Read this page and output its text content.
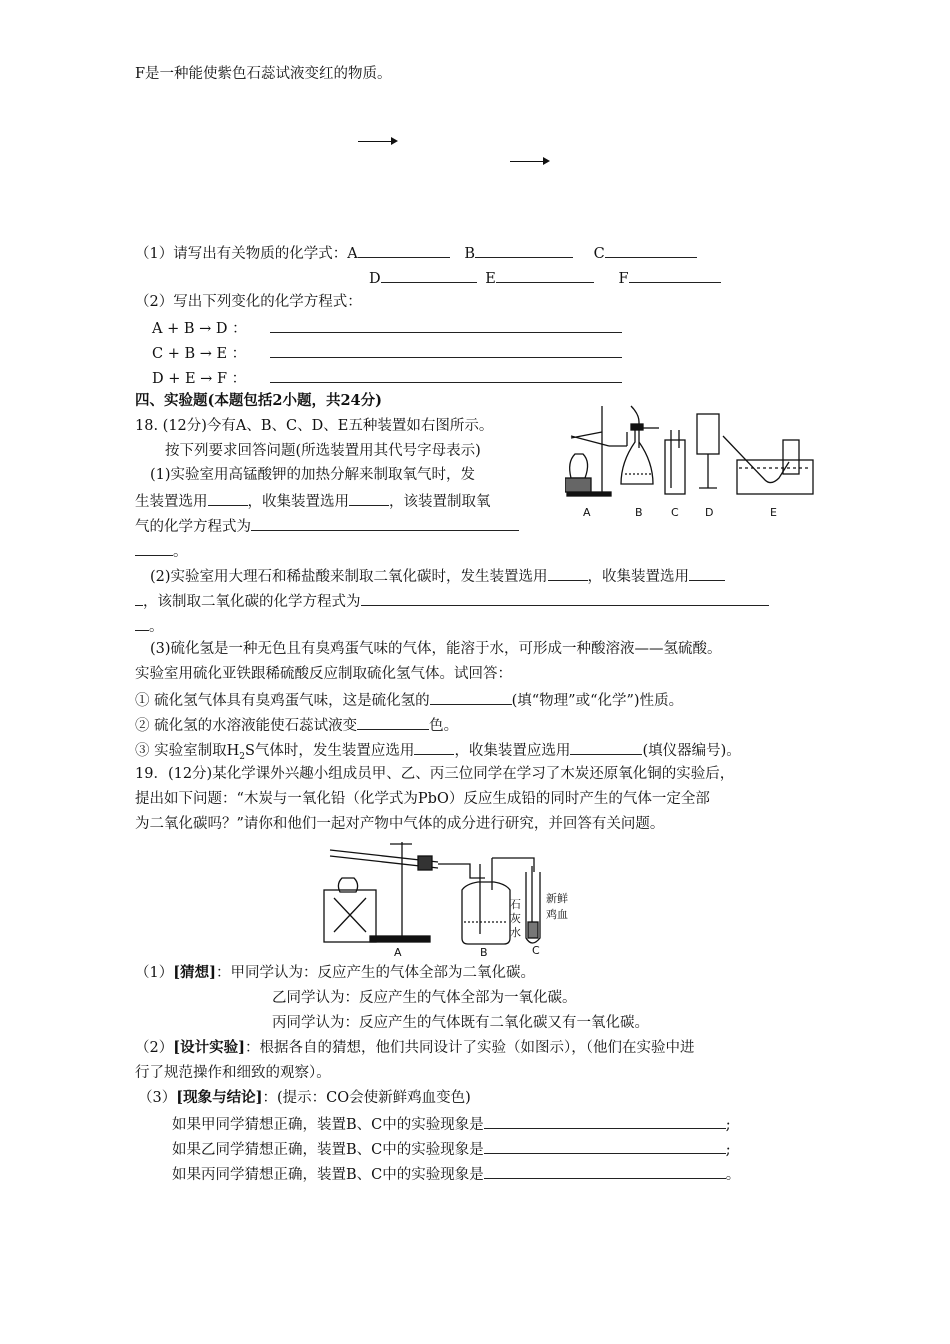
F是一种能使紫色石蕊试液变红的物质。
（1）请写出有关物质的化学式：A	B	C
D	E	F
（2）写出下列变化的化学方程式：
A + B → D ：
C + B → E ：
D + E → F ：
四、实验题(本题包括2小题，共24分)
18. (12分)今有A、B、C、D、E五种装置如右图所示。
按下列要求回答问题(所选装置用其代号字母表示)
(1)实验室用高锰酸钾的加热分解来制取氧气时，发
生装置选用	，收集装置选用	，该装置制取氧
气的化学方程式为
。
A	B	C D	E
(2)实验室用大理石和稀盐酸来制取二氧化碳时，发生装置选用	，收集装置选用
，该制取二氧化碳的化学方程式为
。
(3)硫化氢是一种无色且有臭鸡蛋气味的气体，能溶于水，可形成一种酸溶液——氢硫酸。
实验室用硫化亚铁跟稀硫酸反应制取硫化氢气体。试回答：
① 硫化氢气体具有臭鸡蛋气味，这是硫化氢的	(填“物理”或“化学”)性质。
② 硫化氢的水溶液能使石蕊试液变	色。
③ 实验室制取$H_2S$气体时，发生装置应选用	，收集装置应选用	(填仪器编号)。
19．(12分)某化学课外兴趣小组成员甲、乙、丙三位同学在学习了木炭还原氧化铜的实验后，
提出如下问题：“木炭与一氧化铅（化学式为PbO）反应生成铅的同时产生的气体一定全部
为二氧化碳吗？”请你和他们一起对产物中气体的成分进行研究，并回答有关问题。
A	B	C
石
灰
水
新鲜
鸡血
（1）[猜想]：甲同学认为：反应产生的气体全部为二氧化碳。
乙同学认为：反应产生的气体全部为一氧化碳。
丙同学认为：反应产生的气体既有二氧化碳又有一氧化碳。
（2）[设计实验]：根据各自的猜想，他们共同设计了实验（如图示），（他们在实验中进
行了规范操作和细致的观察）。
（3）[现象与结论]：(提示：CO会使新鲜鸡血变色)
如果甲同学猜想正确，装置B、C中的实验现象是	;
如果乙同学猜想正确，装置B、C中的实验现象是	;
如果丙同学猜想正确，装置B、C中的实验现象是	。
